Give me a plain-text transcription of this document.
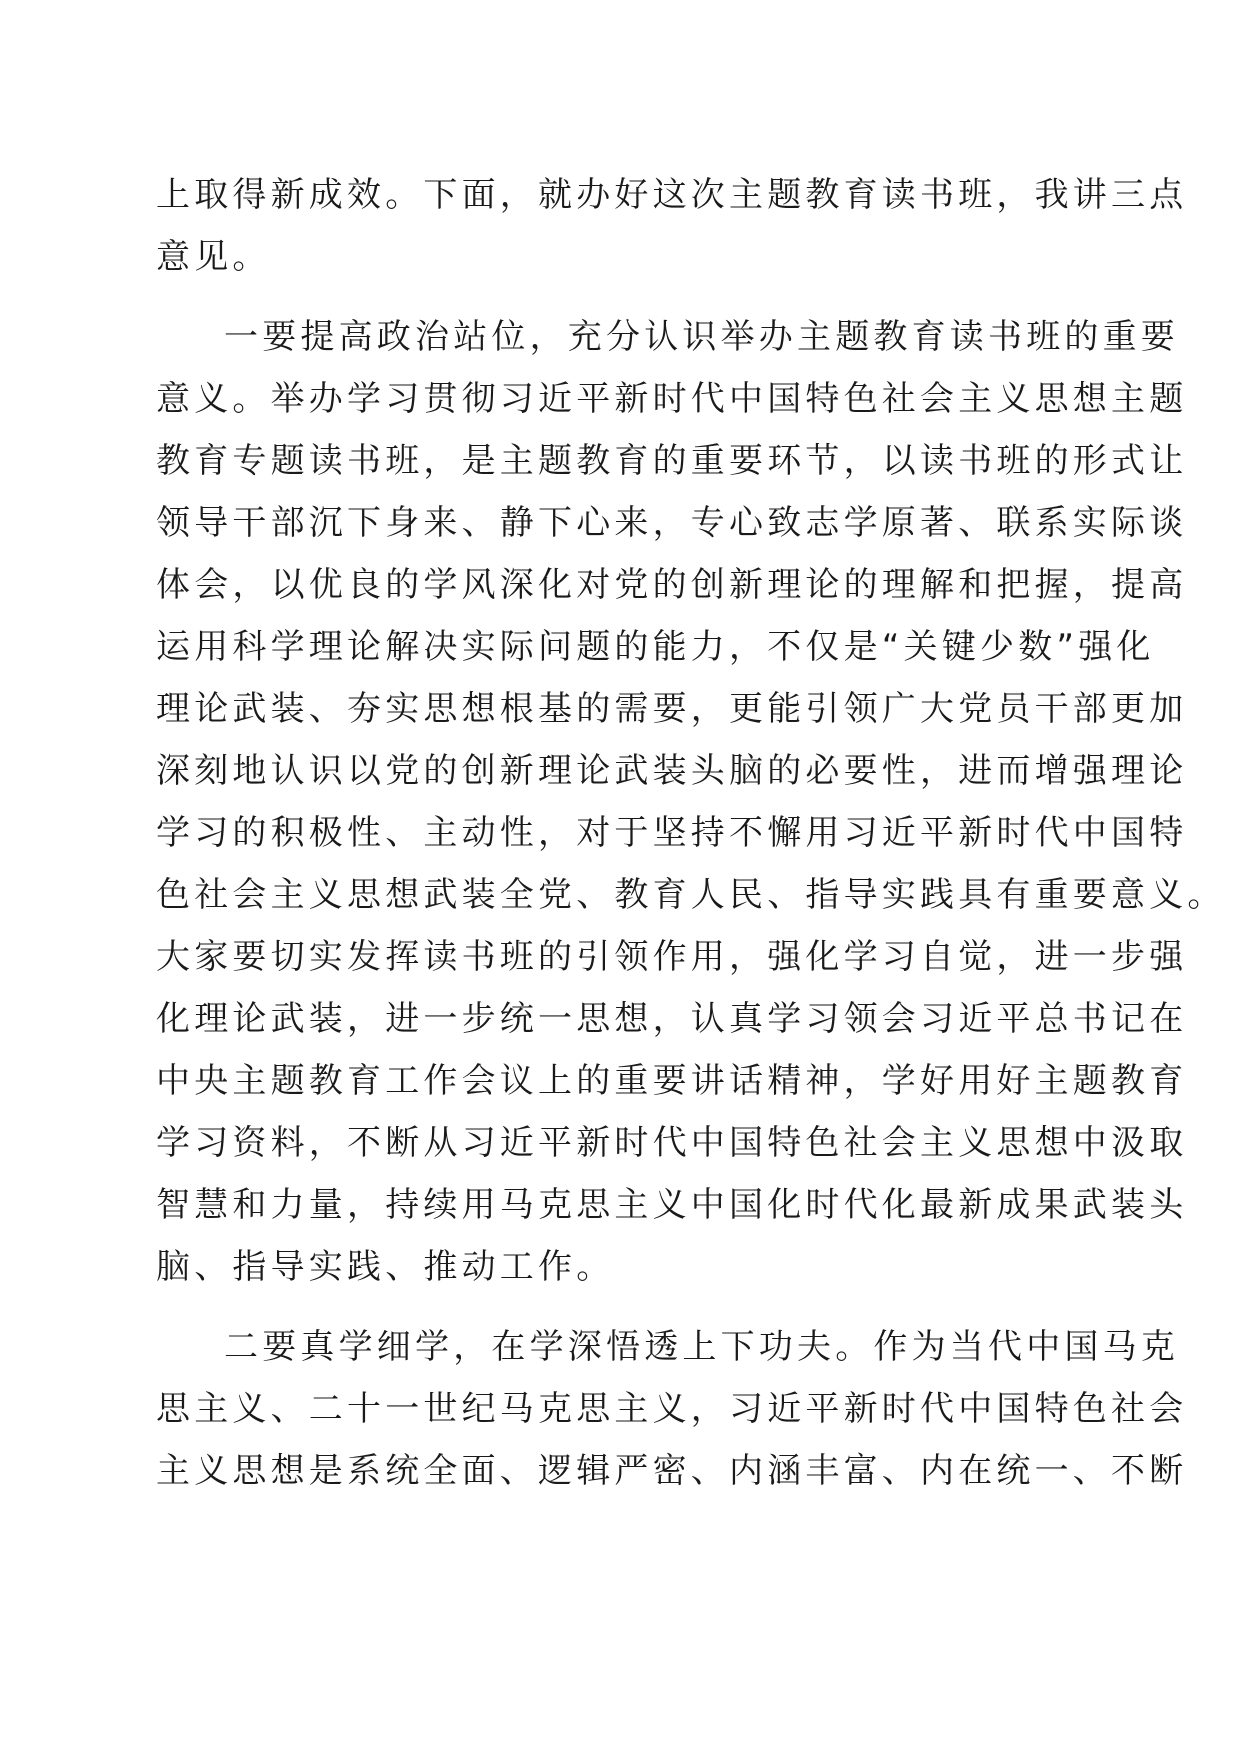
上取得新成效。下面，就办好这次主题教育读书班，我讲三点
意见。
一要提高政治站位，充分认识举办主题教育读书班的重要
意义。举办学习贯彻习近平新时代中国特色社会主义思想主题
教育专题读书班，是主题教育的重要环节，以读书班的形式让
领导干部沉下身来、静下心来，专心致志学原著、联系实际谈
体会，以优良的学风深化对党的创新理论的理解和把握，提高
运用科学理论解决实际问题的能力，不仅是“关键少数”强化
理论武装、夯实思想根基的需要，更能引领广大党员干部更加
深刻地认识以党的创新理论武装头脑的必要性，进而增强理论
学习的积极性、主动性，对于坚持不懈用习近平新时代中国特
色社会主义思想武装全党、教育人民、指导实践具有重要意义。
大家要切实发挥读书班的引领作用，强化学习自觉，进一步强
化理论武装，进一步统一思想，认真学习领会习近平总书记在
中央主题教育工作会议上的重要讲话精神，学好用好主题教育
学习资料，不断从习近平新时代中国特色社会主义思想中汲取
智慧和力量，持续用马克思主义中国化时代化最新成果武装头
脑、指导实践、推动工作。
二要真学细学，在学深悟透上下功夫。作为当代中国马克
思主义、二十一世纪马克思主义，习近平新时代中国特色社会
主义思想是系统全面、逻辑严密、内涵丰富、内在统一、不断
